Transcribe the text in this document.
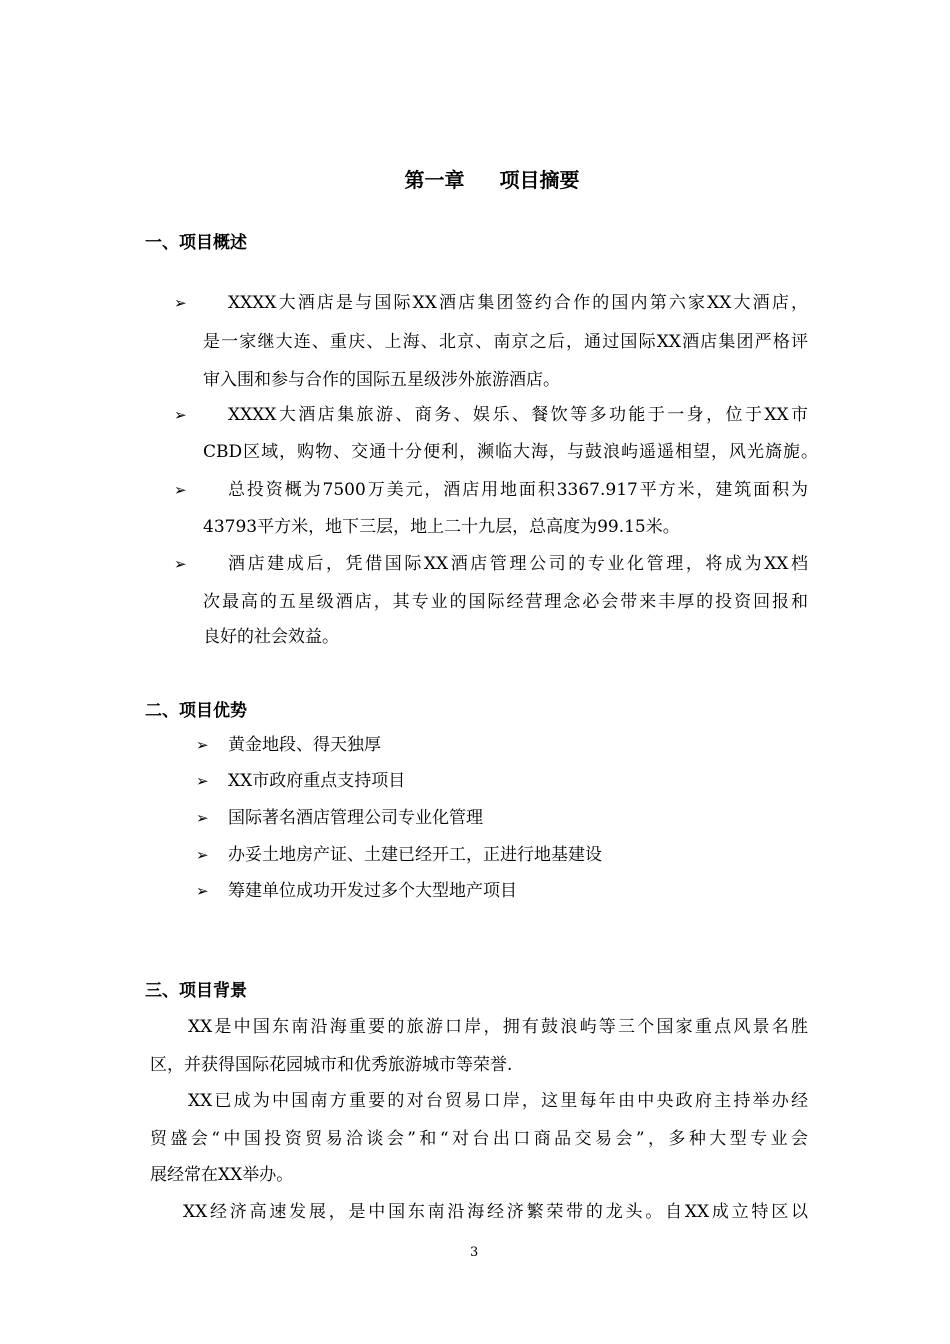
第一章 项目摘要
一、项目概述
➢ XXXX大酒店是与国际XX酒店集团签约合作的国内第六家XX大酒店，
是一家继大连、重庆、上海、北京、南京之后，通过国际XX酒店集团严格评
审入围和参与合作的国际五星级涉外旅游酒店。
➢ XXXX大酒店集旅游、商务、娱乐、餐饮等多功能于一身，位于XX市
CBD区域，购物、交通十分便利，濒临大海，与鼓浪屿遥遥相望，风光旖旎。
➢ 总投资概为7500万美元，酒店用地面积3367.917平方米，建筑面积为
43793平方米，地下三层，地上二十九层，总高度为99.15米。
➢ 酒店建成后，凭借国际XX酒店管理公司的专业化管理，将成为XX档
次最高的五星级酒店，其专业的国际经营理念必会带来丰厚的投资回报和
良好的社会效益。
二、项目优势
➢ 黄金地段、得天独厚
➢ XX市政府重点支持项目
➢ 国际著名酒店管理公司专业化管理
➢ 办妥土地房产证、土建已经开工，正进行地基建设
➢ 筹建单位成功开发过多个大型地产项目
三、项目背景
XX是中国东南沿海重要的旅游口岸，拥有鼓浪屿等三个国家重点风景名胜
区，并获得国际花园城市和优秀旅游城市等荣誉.
XX已成为中国南方重要的对台贸易口岸，这里每年由中央政府主持举办经
贸盛会“中国投资贸易洽谈会”和“对台出口商品交易会”，多种大型专业会
展经常在XX举办。
XX经济高速发展，是中国东南沿海经济繁荣带的龙头。自XX成立特区以
3
